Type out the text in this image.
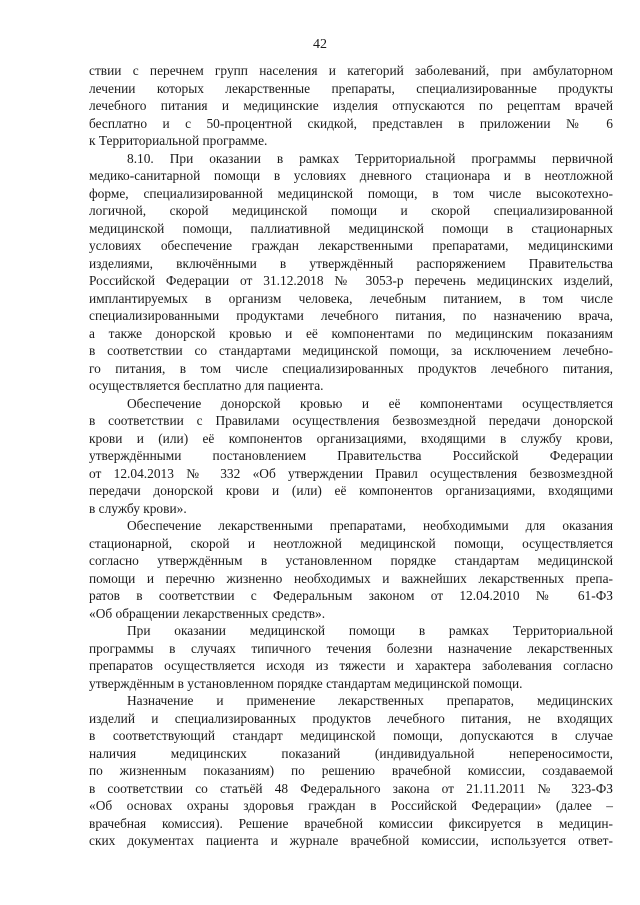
42
ствии с перечнем групп населения и категорий заболеваний, при амбулаторном
лечении которых лекарственные препараты, специализированные продукты
лечебного питания и медицинские изделия отпускаются по рецептам врачей
бесплатно и с 50-процентной скидкой, представлен в приложении № 6
к Территориальной программе.
8.10. При оказании в рамках Территориальной программы первичной
медико-санитарной помощи в условиях дневного стационара и в неотложной
форме, специализированной медицинской помощи, в том числе высокотехно-
логичной, скорой медицинской помощи и скорой специализированной
медицинской помощи, паллиативной медицинской помощи в стационарных
условиях обеспечение граждан лекарственными препаратами, медицинскими
изделиями, включёнными в утверждённый распоряжением Правительства
Российской Федерации от 31.12.2018 № 3053-р перечень медицинских изделий,
имплантируемых в организм человека, лечебным питанием, в том числе
специализированными продуктами лечебного питания, по назначению врача,
а также донорской кровью и её компонентами по медицинским показаниям
в соответствии со стандартами медицинской помощи, за исключением лечебно-
го питания, в том числе специализированных продуктов лечебного питания,
осуществляется бесплатно для пациента.
Обеспечение донорской кровью и её компонентами осуществляется
в соответствии с Правилами осуществления безвозмездной передачи донорской
крови и (или) её компонентов организациями, входящими в службу крови,
утверждёнными постановлением Правительства Российской Федерации
от 12.04.2013 № 332 «Об утверждении Правил осуществления безвозмездной
передачи донорской крови и (или) её компонентов организациями, входящими
в службу крови».
Обеспечение лекарственными препаратами, необходимыми для оказания
стационарной, скорой и неотложной медицинской помощи, осуществляется
согласно утверждённым в установленном порядке стандартам медицинской
помощи и перечню жизненно необходимых и важнейших лекарственных препа-
ратов в соответствии с Федеральным законом от 12.04.2010 № 61-ФЗ
«Об обращении лекарственных средств».
При оказании медицинской помощи в рамках Территориальной
программы в случаях типичного течения болезни назначение лекарственных
препаратов осуществляется исходя из тяжести и характера заболевания согласно
утверждённым в установленном порядке стандартам медицинской помощи.
Назначение и применение лекарственных препаратов, медицинских
изделий и специализированных продуктов лечебного питания, не входящих
в соответствующий стандарт медицинской помощи, допускаются в случае
наличия медицинских показаний (индивидуальной непереносимости,
по жизненным показаниям) по решению врачебной комиссии, создаваемой
в соответствии со статьёй 48 Федерального закона от 21.11.2011 № 323-ФЗ
«Об основах охраны здоровья граждан в Российской Федерации» (далее –
врачебная комиссия). Решение врачебной комиссии фиксируется в медицин-
ских документах пациента и журнале врачебной комиссии, используется ответ-
